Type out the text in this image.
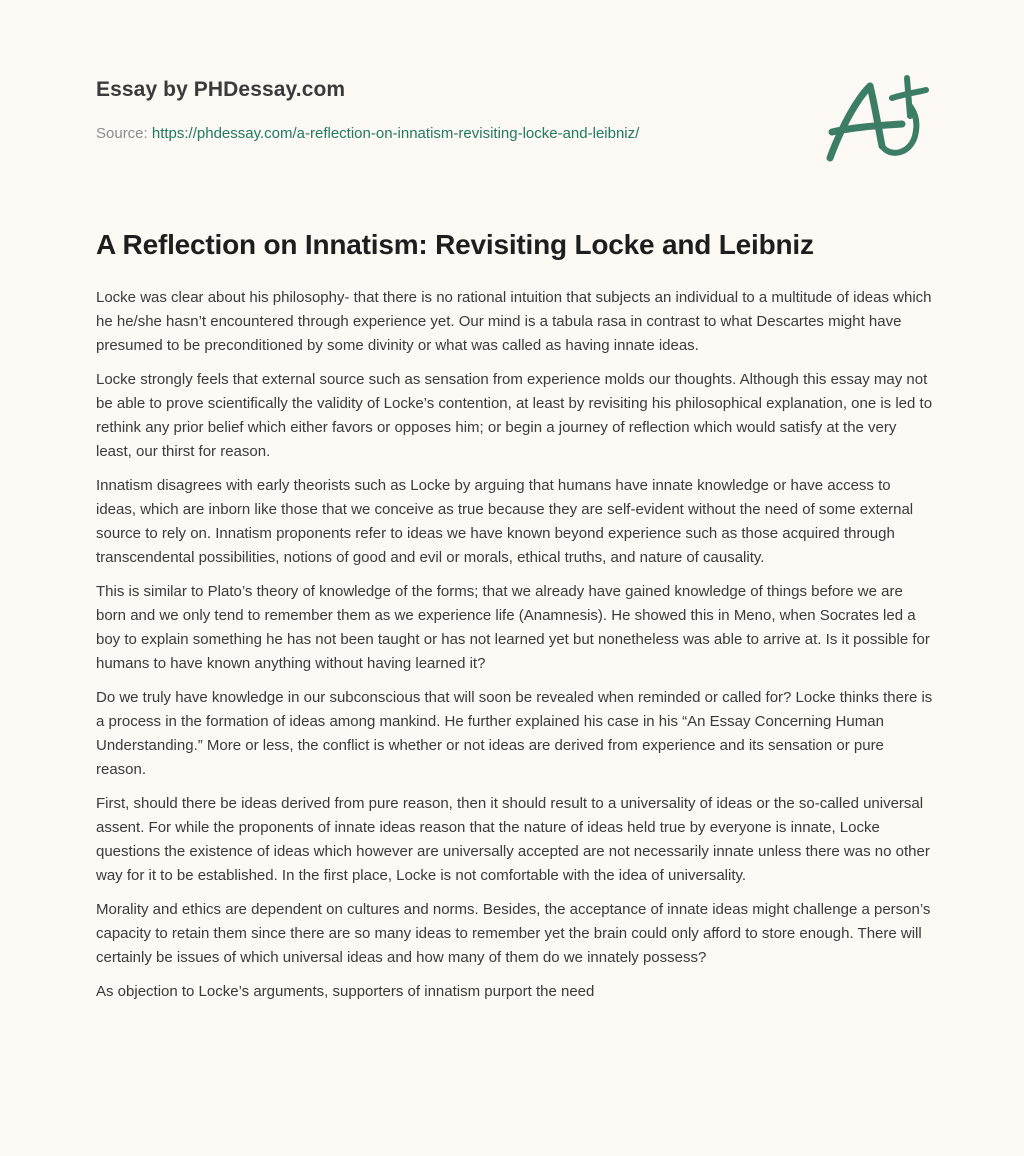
Essay by PHDessay.com
Source: https://phdessay.com/a-reflection-on-innatism-revisiting-locke-and-leibniz/
A Reflection on Innatism: Revisiting Locke and Leibniz

Locke was clear about his philosophy- that there is no rational intuition that subjects an individual to a multitude of ideas which he he/she hasn’t encountered through experience yet. Our mind is a tabula rasa in contrast to what Descartes might have presumed to be preconditioned by some divinity or what was called as having innate ideas.

Locke strongly feels that external source such as sensation from experience molds our thoughts. Although this essay may not be able to prove scientifically the validity of Locke’s contention, at least by revisiting his philosophical explanation, one is led to rethink any prior belief which either favors or opposes him; or begin a journey of reflection which would satisfy at the very least, our thirst for reason.

Innatism disagrees with early theorists such as Locke by arguing that humans have innate knowledge or have access to ideas, which are inborn like those that we conceive as true because they are self-evident without the need of some external source to rely on. Innatism proponents refer to ideas we have known beyond experience such as those acquired through transcendental possibilities, notions of good and evil or morals, ethical truths, and nature of causality.

This is similar to Plato’s theory of knowledge of the forms; that we already have gained knowledge of things before we are born and we only tend to remember them as we experience life (Anamnesis). He showed this in Meno, when Socrates led a boy to explain something he has not been taught or has not learned yet but nonetheless was able to arrive at. Is it possible for humans to have known anything without having learned it?

Do we truly have knowledge in our subconscious that will soon be revealed when reminded or called for? Locke thinks there is a process in the formation of ideas among mankind. He further explained his case in his “An Essay Concerning Human Understanding.” More or less, the conflict is whether or not ideas are derived from experience and its sensation or pure reason.

First, should there be ideas derived from pure reason, then it should result to a universality of ideas or the so-called universal assent. For while the proponents of innate ideas reason that the nature of ideas held true by everyone is innate, Locke questions the existence of ideas which however are universally accepted are not necessarily innate unless there was no other way for it to be established. In the first place, Locke is not comfortable with the idea of universality.

Morality and ethics are dependent on cultures and norms. Besides, the acceptance of innate ideas might challenge a person’s capacity to retain them since there are so many ideas to remember yet the brain could only afford to store enough. There will certainly be issues of which universal ideas and how many of them do we innately possess?

As objection to Locke’s arguments, supporters of innatism purport the need
